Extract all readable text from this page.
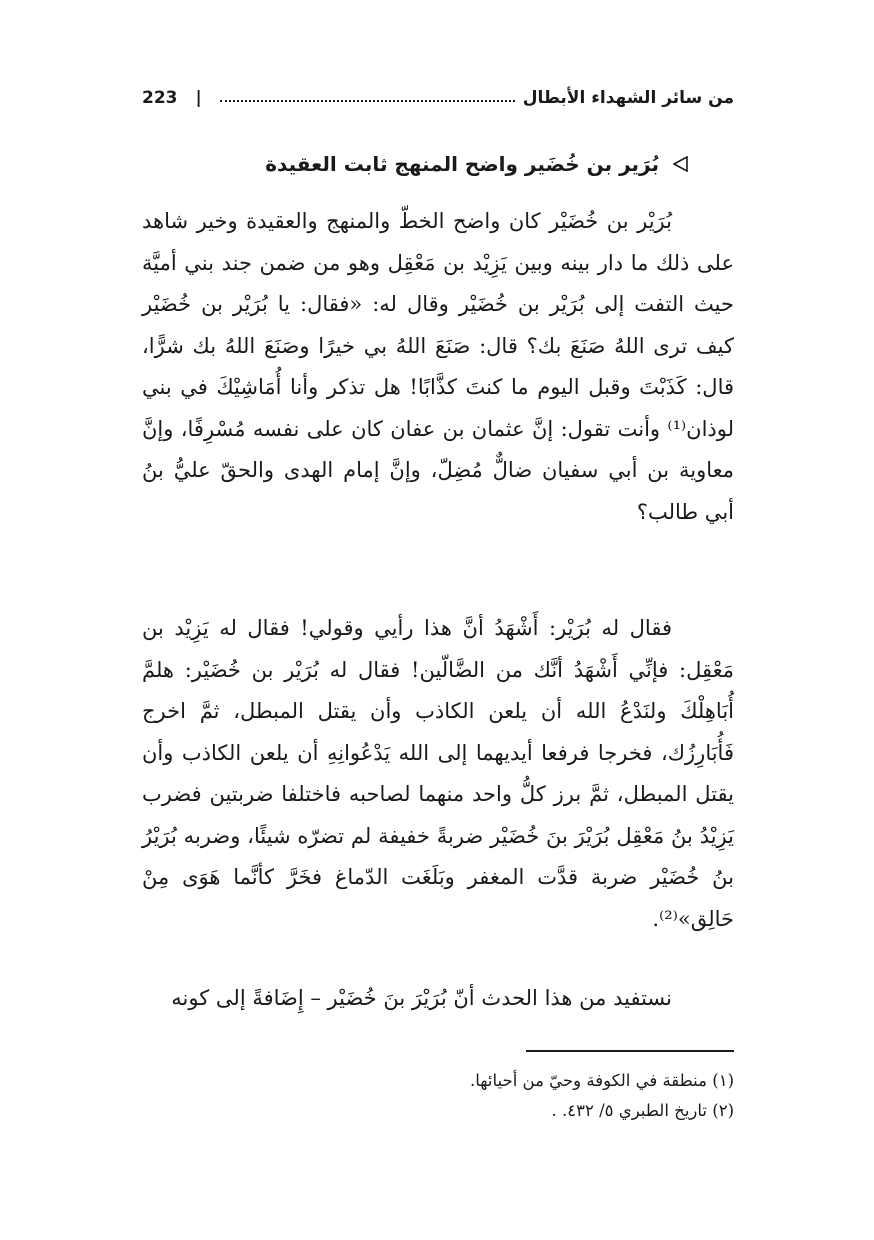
223 |	من سائر الشهداء الأبطال
بُرَير بن خُضَير واضح المنهج ثابت العقيدة

بُرَيْر بن خُضَيْر كان واضح الخطّ والمنهج والعقيدة وخير شاهد على ذلك ما دار بينه وبين يَزِيْد بن مَعْقِل وهو من ضمن جند بني أميَّة حيث التفت إلى بُرَيْر بن خُضَيْر وقال له: «فقال: يا بُرَيْر بن خُضَيْر كيف ترى اللهُ صَنَعَ بك؟ قال: صَنَعَ اللهُ بي خيرًا وصَنَعَ اللهُ بك شرًّا، قال: كَذَبْتَ وقبل اليوم ما كنتَ كذَّابًا! هل تذكر وأنا أُمَاشِيْكَ في بني لوذان⁽¹⁾ وأنت تقول: إنَّ عثمان بن عفان كان على نفسه مُسْرِفًا، وإنَّ معاوية بن أبي سفيان ضالٌّ مُضِلّ، وإنَّ إمام الهدى والحقّ عليُّ بنُ أبي طالب؟

فقال له بُرَيْر: أَشْهَدُ أنَّ هذا رأيي وقولي! فقال له يَزِيْد بن مَعْقِل: فإنِّي أَشْهَدُ أنَّك من الضَّالّين! فقال له بُرَيْر بن خُضَيْر: هلمَّ أُبَاهِلْكَ ولنَدْعُ الله أن يلعن الكاذب وأن يقتل المبطل، ثمَّ اخرج فَأُبَارِزُك، فخرجا فرفعا أيديهما إلى الله يَدْعُوانِهِ أن يلعن الكاذب وأن يقتل المبطل، ثمَّ برز كلُّ واحد منهما لصاحبه فاختلفا ضربتين فضرب يَزِيْدُ بنُ مَعْقِل بُرَيْرَ بنَ خُضَيْر ضربةً خفيفة لم تضرّه شيئًا، وضربه بُرَيْرُ بنُ خُضَيْر ضربة قدَّت المغفر وبَلَغَت الدّماغ فخَرَّ كأنَّما هَوَى مِنْ حَالِق»⁽²⁾.

نستفيد من هذا الحدث أنّ بُرَيْرَ بنَ خُضَيْر – إِضَافةً إلى كونه

(١) منطقة في الكوفة وحيّ من أحيائها.

(٢) تاريخ الطبري ٥/ ٤٣٢. .
